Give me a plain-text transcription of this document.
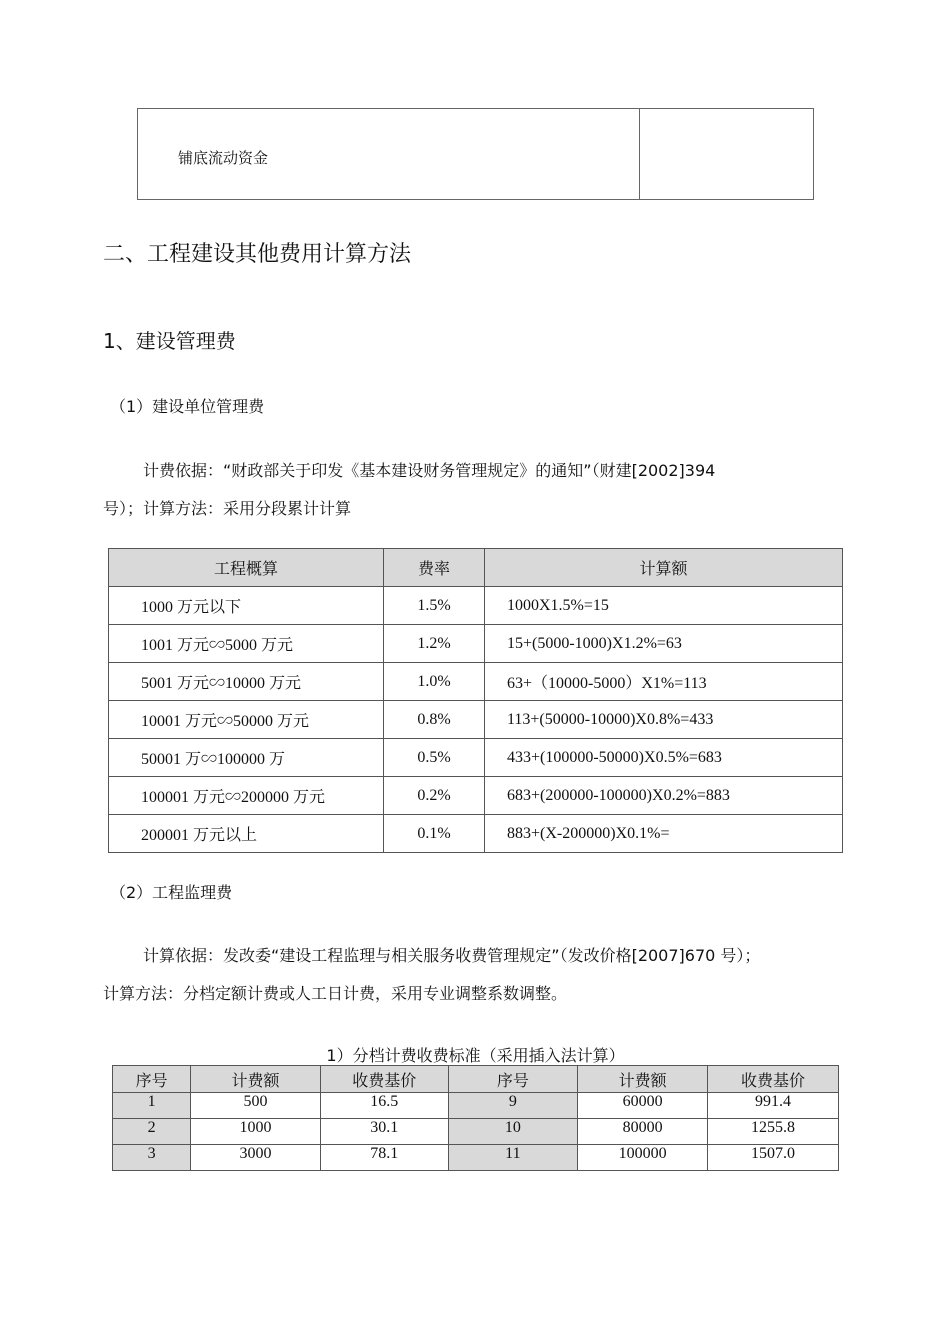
铺底流动资金
二、工程建设其他费用计算方法
1、建设管理费
（1）建设单位管理费
计费依据：“财政部关于印发《基本建设财务管理规定》的通知”（财建[2002]394
号）；计算方法：采用分段累计计算
工程概算	费率	计算额
1000 万元以下	1.5%	1000X1.5%=15
1001 万元∽5000 万元	1.2%	15+(5000-1000)X1.2%=63
5001 万元∽10000 万元	1.0%	63+（10000-5000）X1%=113
10001 万元∽50000 万元	0.8%	113+(50000-10000)X0.8%=433
50001 万∽100000 万	0.5%	433+(100000-50000)X0.5%=683
100001 万元∽200000 万元	0.2%	683+(200000-100000)X0.2%=883
200001 万元以上	0.1%	883+(X-200000)X0.1%=
（2）工程监理费
计算依据：发改委“建设工程监理与相关服务收费管理规定”（发改价格[2007]670 号）；
计算方法：分档定额计费或人工日计费，采用专业调整系数调整。
1）分档计费收费标准（采用插入法计算）
序号	计费额	收费基价	序号	计费额	收费基价
1	500	16.5	9	60000	991.4
2	1000	30.1	10	80000	1255.8
3	3000	78.1	11	100000	1507.0
